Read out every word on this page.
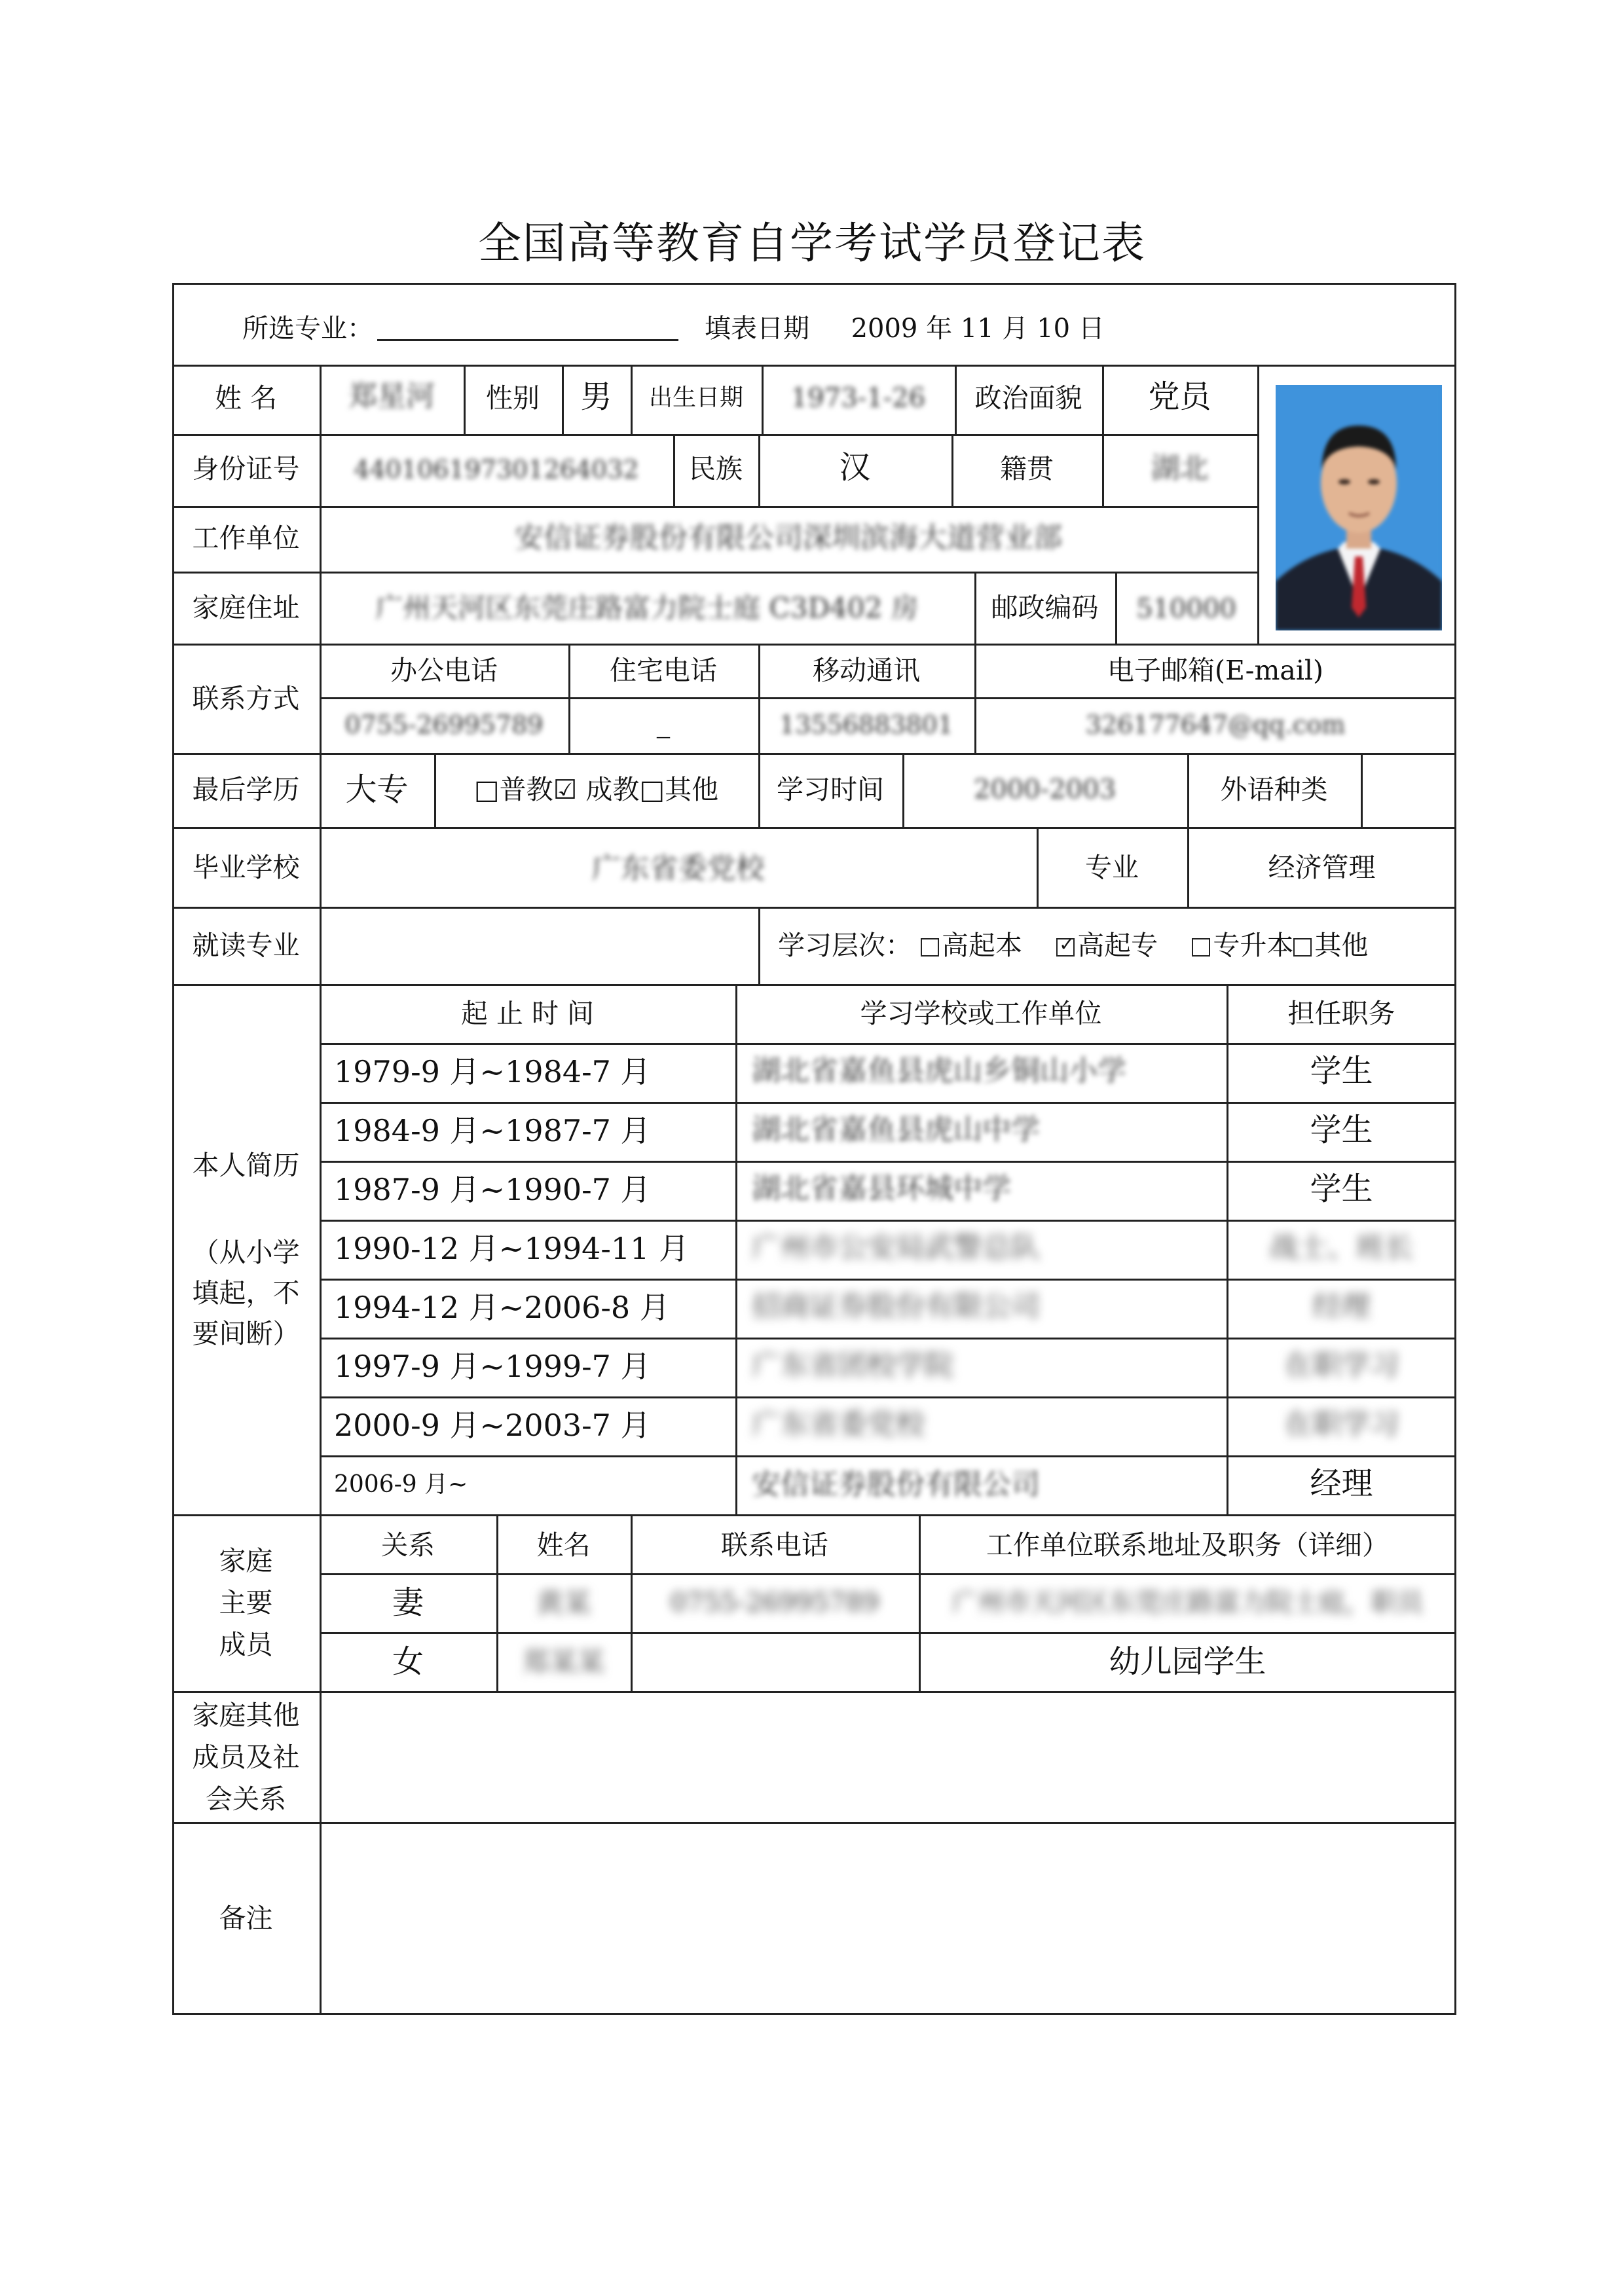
全国高等教育自学考试学员登记表
所选专业：	填表日期 2009 年 11 月 10 日
姓 名	郑星河	性别	男	出生日期	1973-1-26	政治面貌	党员
身份证号	440106197301264032	民族	汉	籍贯	湖北
工作单位	安信证券股份有限公司深圳滨海大道营业部
家庭住址	广州天河区东莞庄路富力院士庭 C3D402 房	邮政编码	510000
联系方式
办公电话	住宅电话	移动通讯	电子邮箱(E-mail)
0755-26995789	_	13556883801	326177647@qq.com
最后学历	大专	□普教☑ 成教□其他	学习时间	2000-2003	外语种类
毕业学校	广东省委党校	专业	经济管理
就读专业	学习层次： 高起本    ✓ 高起专 专升本 其他
本人简历
（从小学
填起，不
要间断）
起 止 时 间	学习学校或工作单位	担任职务
1979-9 月~1984-7 月	湖北省嘉鱼县虎山乡铜山小学	学生
1984-9 月~1987-7 月	湖北省嘉鱼县虎山中学	学生
1987-9 月~1990-7 月	湖北省嘉县环城中学	学生
1990-12 月~1994-11 月 广州市公安局武警总队	战士、班长
1994-12 月~2006-8 月	招商证券股份有限公司	经理
1997-9 月~1999-7 月	广东省团校学院	在职学习
2000-9 月~2003-7 月	广东省委党校	在职学习
2006-9 月~	安信证券股份有限公司	经理
家庭
主要
成员
关系	姓名	联系电话	工作单位联系地址及职务（详细）
妻	黄某	0755-26995789	广州市天河区东莞庄路富力院士庭，职员
女	郑某某	幼儿园学生
家庭其他
成员及社
会关系
备注
